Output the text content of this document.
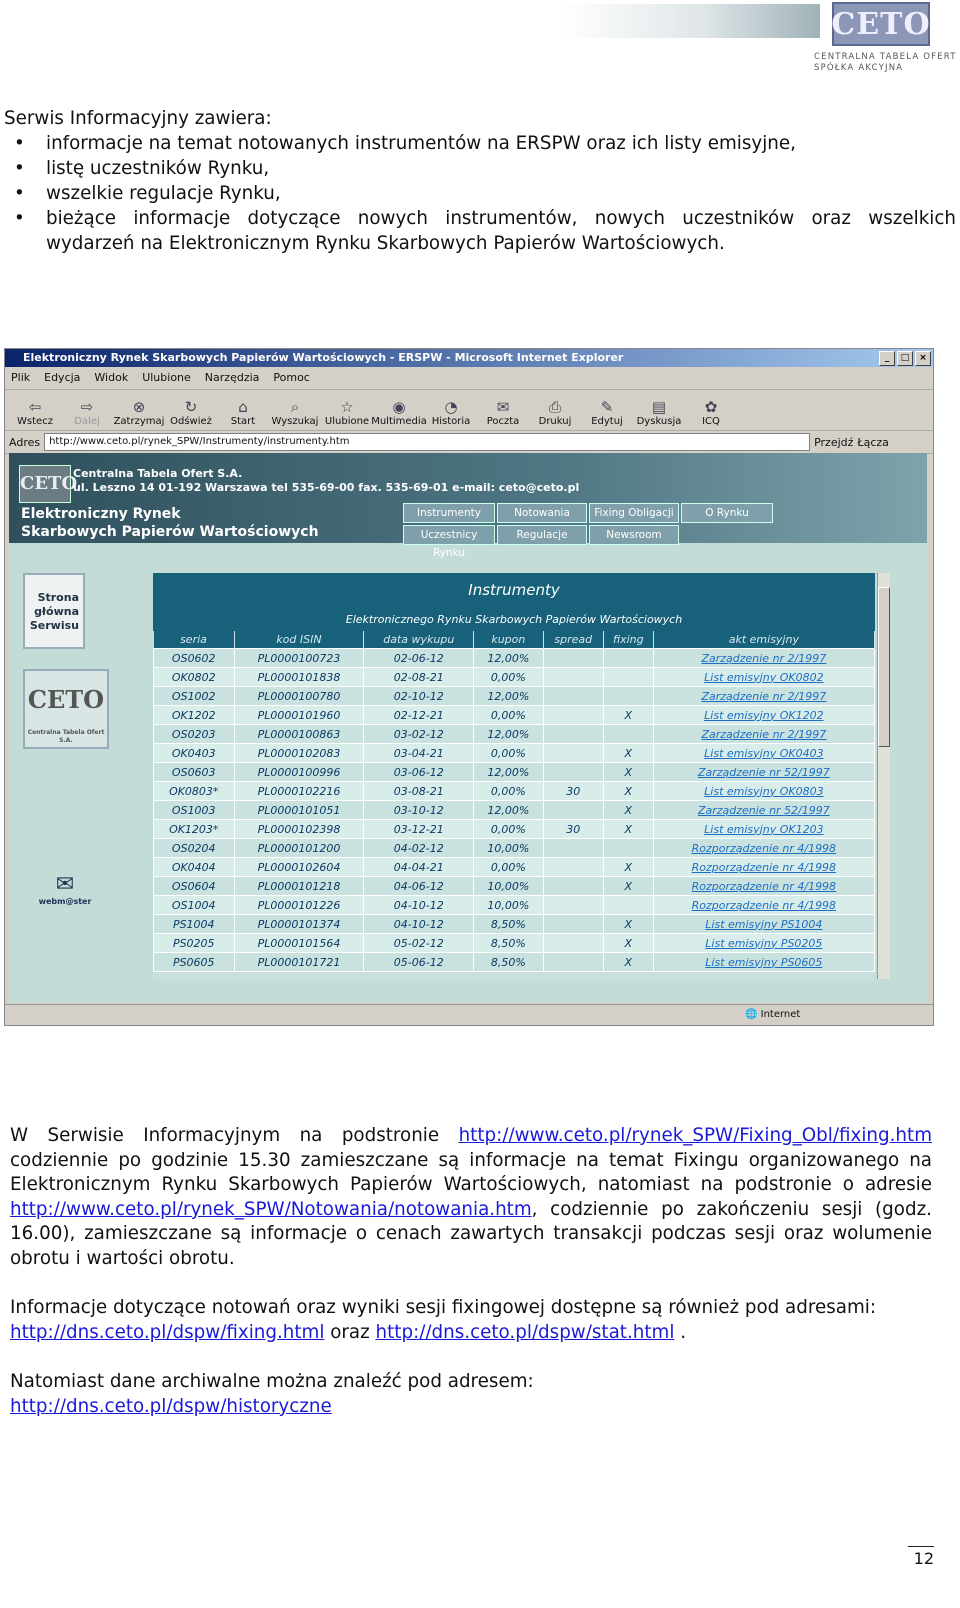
CETO
CENTRALNA TABELA OFERT
SPÓŁKA AKCYJNA
Serwis Informacyjny zawiera:
• informacje na temat notowanych instrumentów na ERSPW oraz ich listy emisyjne,
• listę uczestników Rynku,
• wszelkie regulacje Rynku,
• bieżące informacje dotyczące nowych instrumentów, nowych uczestników oraz wszelkich wydarzeń na Elektronicznym Rynku Skarbowych Papierów Wartościowych.
Elektroniczny Rynek Skarbowych Papierów Wartościowych - ERSPW - Microsoft Internet Explorer	_	□	×
Plik Edycja Widok Ulubione Narzędzia Pomoc
⇦
Wstecz
⇨
Dalej
⊗
Zatrzymaj
↻
Odśwież
⌂
Start
⌕
Wyszukaj
☆
Ulubione
◉
Multimedia
◔
Historia
✉
Poczta
⎙
Drukuj
✎
Edytuj
▤
Dyskusja
✿
ICQ
Adres http://www.ceto.pl/rynek_SPW/Instrumenty/instrumenty.htm	Przejdź Łącza
CETO
Centralna Tabela Ofert S.A.
ul. Leszno 14 01-192 Warszawa tel 535-69-00 fax. 535-69-01 e-mail: ceto@ceto.pl
Elektroniczny Rynek
Skarbowych Papierów Wartościowych
Instrumenty	Notowania	Fixing Obligacji	O Rynku
Uczestnicy Rynku
Regulacje	Newsroom
Strona główna Serwisu
CETO
Centralna Tabela Ofert S.A.
✉
webm@ster
Instrumenty
Elektronicznego Rynku Skarbowych Papierów Wartościowych
seria	kod ISIN	data wykupu	kupon	spread	fixing	akt emisyjny
OS0602	PL0000100723	02-06-12	12,00%			Zarządzenie nr 2/1997
OK0802	PL0000101838	02-08-21	0,00%			List emisyjny OK0802
OS1002	PL0000100780	02-10-12	12,00%			Zarządzenie nr 2/1997
OK1202	PL0000101960	02-12-21	0,00%		X	List emisyjny OK1202
OS0203	PL0000100863	03-02-12	12,00%			Zarządzenie nr 2/1997
OK0403	PL0000102083	03-04-21	0,00%		X	List emisyjny OK0403
OS0603	PL0000100996	03-06-12	12,00%		X	Zarządzenie nr 52/1997
OK0803*	PL0000102216	03-08-21	0,00%	30	X	List emisyjny OK0803
OS1003	PL0000101051	03-10-12	12,00%		X	Zarządzenie nr 52/1997
OK1203*	PL0000102398	03-12-21	0,00%	30	X	List emisyjny OK1203
OS0204	PL0000101200	04-02-12	10,00%			Rozporządzenie nr 4/1998
OK0404	PL0000102604	04-04-21	0,00%		X	Rozporządzenie nr 4/1998
OS0604	PL0000101218	04-06-12	10,00%		X	Rozporządzenie nr 4/1998
OS1004	PL0000101226	04-10-12	10,00%			Rozporządzenie nr 4/1998
PS1004	PL0000101374	04-10-12	8,50%		X	List emisyjny PS1004
PS0205	PL0000101564	05-02-12	8,50%		X	List emisyjny PS0205
PS0605	PL0000101721	05-06-12	8,50%		X	List emisyjny PS0605
🌐 Internet
W Serwisie Informacyjnym na podstronie http://www.ceto.pl/rynek_SPW/Fixing_Obl/fixing.htm codziennie po godzinie 15.30 zamieszczane są informacje na temat Fixingu organizowanego na Elektronicznym Rynku Skarbowych Papierów Wartościowych, natomiast na podstronie o adresie http://www.ceto.pl/rynek_SPW/Notowania/notowania.htm, codziennie po zakończeniu sesji (godz. 16.00), zamieszczane są informacje o cenach zawartych transakcji podczas sesji oraz wolumenie obrotu i wartości obrotu.
Informacje dotyczące notowań oraz wyniki sesji fixingowej dostępne są również pod adresami:
http://dns.ceto.pl/dspw/fixing.html oraz http://dns.ceto.pl/dspw/stat.html .
Natomiast dane archiwalne można znaleźć pod adresem:
http://dns.ceto.pl/dspw/historyczne
12
